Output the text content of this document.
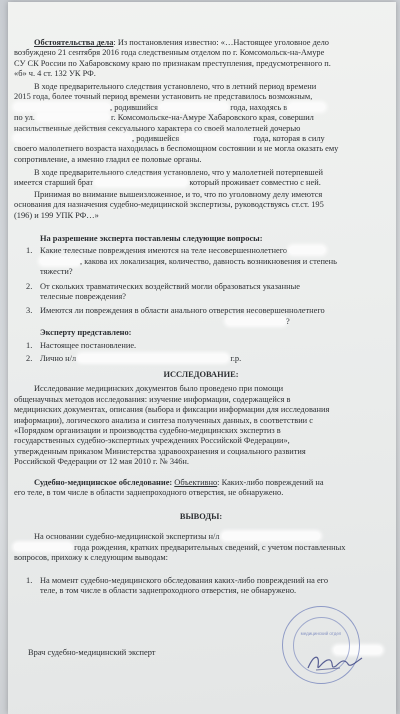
Обстоятельства дела: Из постановления известно: «…Настоящее уголовное дело

возбуждено 21 сентября 2016 года следственным отделом по г. Комсомольск-на-Амуре

СУ СК России по Хабаровскому краю по признакам преступления, предусмотренного п.

«б» ч. 4 ст. 132 УК РФ.

В ходе предварительного следствия установлено, что в летний период времени

2015 года, более точный период времени установить не представилось возможным,

, родившийся	года, находясь в

по ул.	г. Комсомольске-на-Амуре Хабаровского края, совершил

насильственные действия сексуального характера со своей малолетней дочерью

, родившейся	года, которая в силу

своего малолетнего возраста находилась в беспомощном состоянии и не могла оказать ему

сопротивление, а именно гладил ее половые органы.

В ходе предварительного следствия установлено, что у малолетней потерпевшей

имеется старший брат	который проживает совместно с ней.

Принимая во внимание вышеизложенное, и то, что по уголовному делу имеются

основания для назначения судебно-медицинской экспертизы, руководствуясь ст.ст. 195

(196) и 199 УПК РФ…»

На разрешение эксперта поставлены следующие вопросы:

1. Какие телесные повреждения имеются на теле несовершеннолетнего

, какова их локализация, количество, давность возникновения и степень

тяжести?

2. От скольких травматических воздействий могли образоваться указанные

телесные повреждения?

3. Имеются ли повреждения в области анального отверстия несовершеннолетнего

?

Эксперту представлено:

1. Настоящее постановление.

2. Лично н/л	г.р.

ИССЛЕДОВАНИЕ:

Исследование медицинских документов было проведено при помощи

общенаучных методов исследования: изучение информации, содержащейся в

медицинских документах, описания (выбора и фиксации информации для исследования

информации), логического анализа и синтеза полученных данных, в соответствии с

«Порядком организации и производства судебно-медицинских экспертиз в

государственных судебно-экспертных учреждениях Российской Федерации»,

утвержденным приказом Министерства здравоохранения и социального развития

Российской Федерации от 12 мая 2010 г. № 346н.

Судебно-медицинское обследование: Объективно: Каких-либо повреждений на

его теле, в том числе в области заднепроходного отверстия, не обнаружено.

ВЫВОДЫ:

На основании судебно-медицинской экспертизы н/л

года рождения, кратких предварительных сведений, с учетом поставленных

вопросов, прихожу к следующим выводам:

1. На момент судебно-медицинского обследования каких-либо повреждений на его

теле, в том числе в области заднепроходного отверстия, не обнаружено.

Врач судебно-медицинский эксперт

медицинский отдел
